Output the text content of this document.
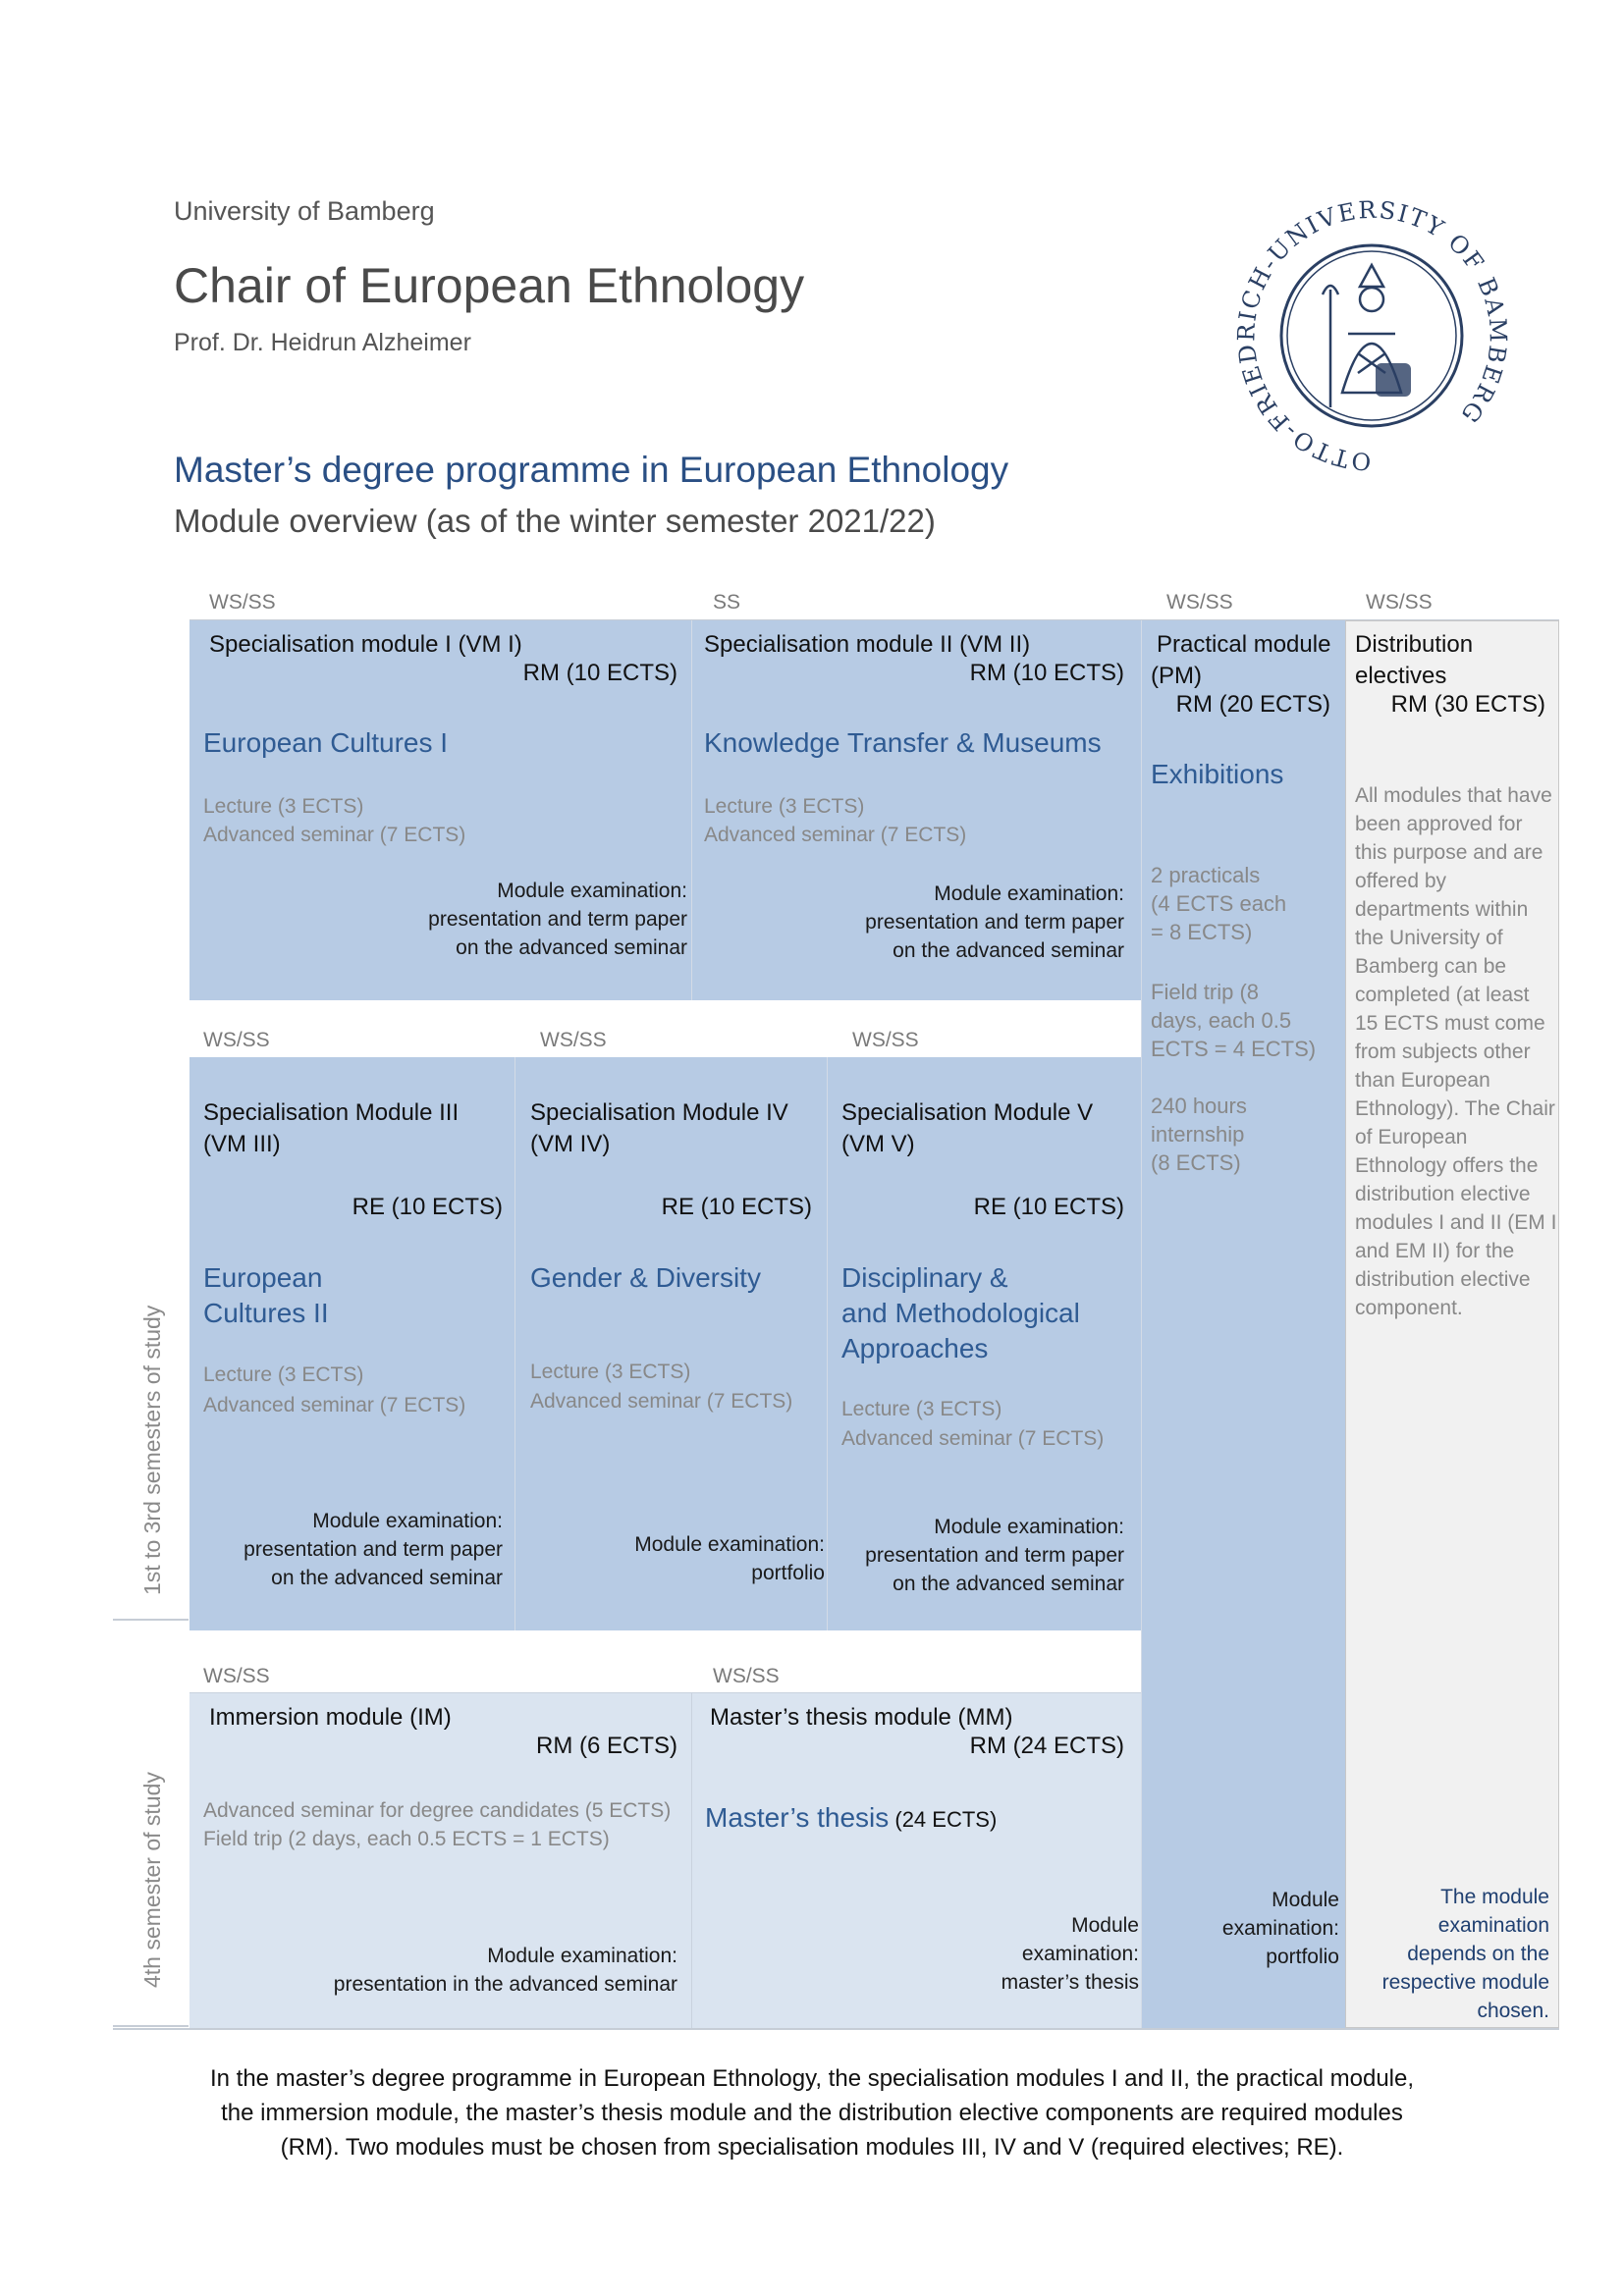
University of Bamberg
Chair of European Ethnology
Prof. Dr. Heidrun Alzheimer
Master’s degree programme in European Ethnology
Module overview (as of the winter semester 2021/22)
OTTO-FRIEDRICH-UNIVERSITY OF BAMBERG
1st to 3rd semesters of study
4th semester of study
WS/SS	SS	WS/SS	WS/SS
Specialisation module I (VM I)
RM (10 ECTS)
European Cultures I
Lecture (3 ECTS)
Advanced seminar (7 ECTS)
Module examination:
presentation and term paper
on the advanced seminar
Specialisation module II (VM II)
RM (10 ECTS)
Knowledge Transfer & Museums
Lecture (3 ECTS)
Advanced seminar (7 ECTS)
Module examination:
presentation and term paper
on the advanced seminar
Practical module
(PM)
RM (20 ECTS)
Exhibitions
2 practicals
(4 ECTS each
= 8 ECTS)
Field trip (8
days, each 0.5
ECTS = 4 ECTS)
240 hours
internship
(8 ECTS)
Module
examination:
portfolio
Distribution
electives
RM (30 ECTS)
All modules that have
been approved for
this purpose and are
offered by
departments within
the University of
Bamberg can be
completed (at least
15 ECTS must come
from subjects other
than European
Ethnology). The Chair
of European
Ethnology offers the
distribution elective
modules I and II (EM I
and EM II) for the
distribution elective
component.
The module
examination
depends on the
respective module
chosen.
WS/SS	WS/SS	WS/SS
Specialisation Module III
(VM III)
RE (10 ECTS)
European
Cultures II
Lecture (3 ECTS)
Advanced seminar (7 ECTS)
Module examination:
presentation and term paper
on the advanced seminar
Specialisation Module IV
(VM IV)
RE (10 ECTS)
Gender & Diversity
Lecture (3 ECTS)
Advanced seminar (7 ECTS)
Module examination:
portfolio
Specialisation Module V
(VM V)
RE (10 ECTS)
Disciplinary &
and Methodological
Approaches
Lecture (3 ECTS)
Advanced seminar (7 ECTS)
Module examination:
presentation and term paper
on the advanced seminar
WS/SS	WS/SS
Immersion module (IM)
RM (6 ECTS)
Advanced seminar for degree candidates (5 ECTS)
Field trip (2 days, each 0.5 ECTS = 1 ECTS)
Module examination:
presentation in the advanced seminar
Master’s thesis module (MM)
RM (24 ECTS)
Master’s thesis (24 ECTS)
Module
examination:
master’s thesis
In the master’s degree programme in European Ethnology, the specialisation modules I and II, the practical module,
the immersion module, the master’s thesis module and the distribution elective components are required modules
(RM). Two modules must be chosen from specialisation modules III, IV and V (required electives; RE).
